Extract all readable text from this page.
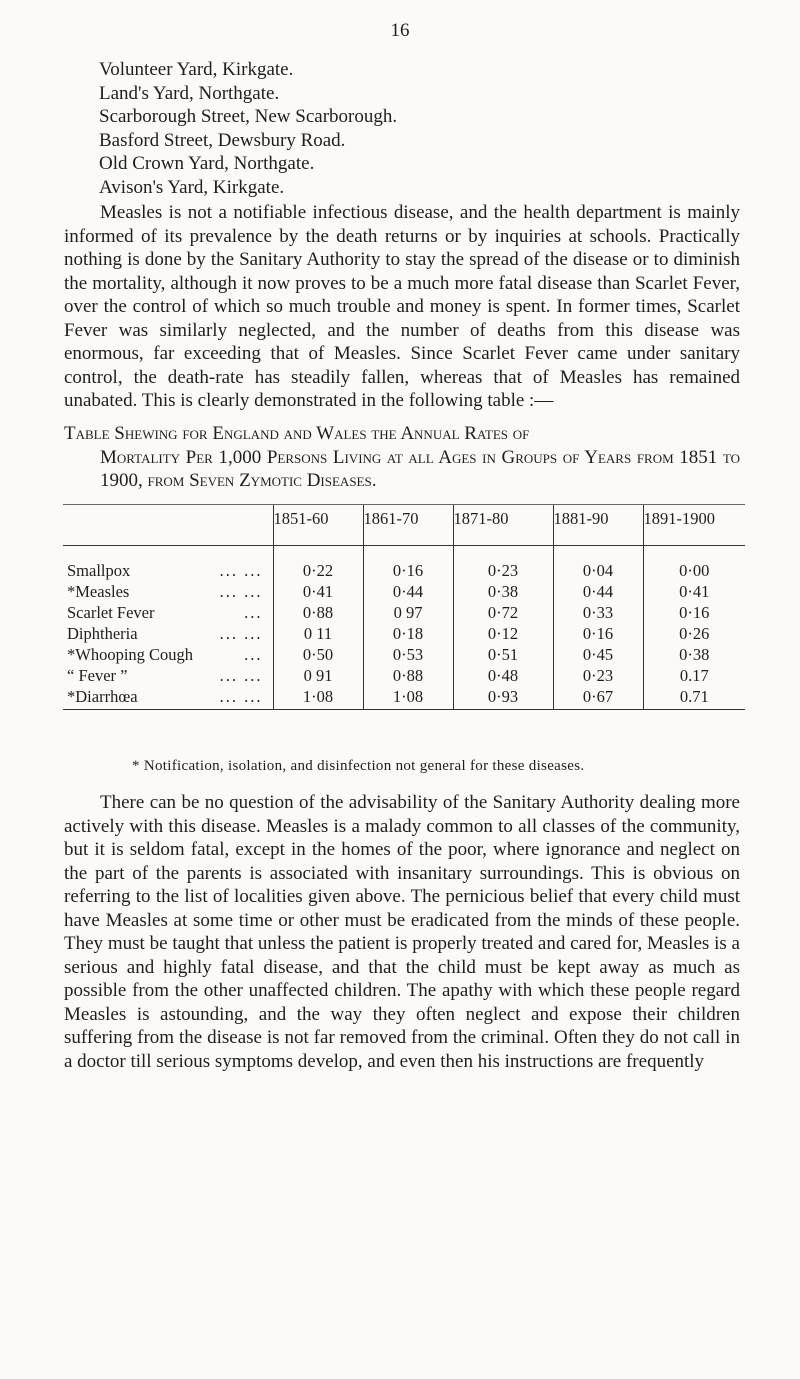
16
Volunteer Yard, Kirkgate.
Land's Yard, Northgate.
Scarborough Street, New Scarborough.
Basford Street, Dewsbury Road.
Old Crown Yard, Northgate.
Avison's Yard, Kirkgate.

Measles is not a notifiable infectious disease, and the health department is mainly informed of its prevalence by the death returns or by inquiries at schools. Practically nothing is done by the Sanitary Authority to stay the spread of the disease or to diminish the mortality, although it now proves to be a much more fatal disease than Scarlet Fever, over the control of which so much trouble and money is spent. In former times, Scarlet Fever was similarly neglected, and the number of deaths from this disease was enormous, far exceeding that of Measles. Since Scarlet Fever came under sanitary control, the death-rate has steadily fallen, whereas that of Measles has remained unabated. This is clearly demonstrated in the following table :—

Table Shewing for England and Wales the Annual Rates of
Mortality Per 1,000 Persons Living at all Ages in Groups of Years from 1851 to 1900, from Seven Zymotic Diseases.

	1851-60	1861-70	1871-80	1881-90	1891-1900
Smallpox ... ...	0·22	0·16	0·23	0·04	0·00
*Measles ... ...	0·41	0·44	0·38	0·44	0·41
Scarlet Fever ...	0·88	0 97	0·72	0·33	0·16
Diphtheria ... ...	0 11	0·18	0·12	0·16	0·26
*Whooping Cough ...	0·50	0·53	0·51	0·45	0·38
“ Fever ” ... ...	0 91	0·88	0·48	0·23	0.17
*Diarrhœa ... ...	1·08	1·08	0·93	0·67	0.71
* Notification, isolation, and disinfection not general for these diseases.

There can be no question of the advisability of the Sanitary Authority dealing more actively with this disease. Measles is a malady common to all classes of the community, but it is seldom fatal, except in the homes of the poor, where ignorance and neglect on the part of the parents is associated with insanitary surroundings. This is obvious on referring to the list of localities given above. The pernicious belief that every child must have Measles at some time or other must be eradicated from the minds of these people. They must be taught that unless the patient is properly treated and cared for, Measles is a serious and highly fatal disease, and that the child must be kept away as much as possible from the other unaffected children. The apathy with which these people regard Measles is astounding, and the way they often neglect and expose their children suffering from the disease is not far removed from the criminal. Often they do not call in a doctor till serious symptoms develop, and even then his instructions are frequently
